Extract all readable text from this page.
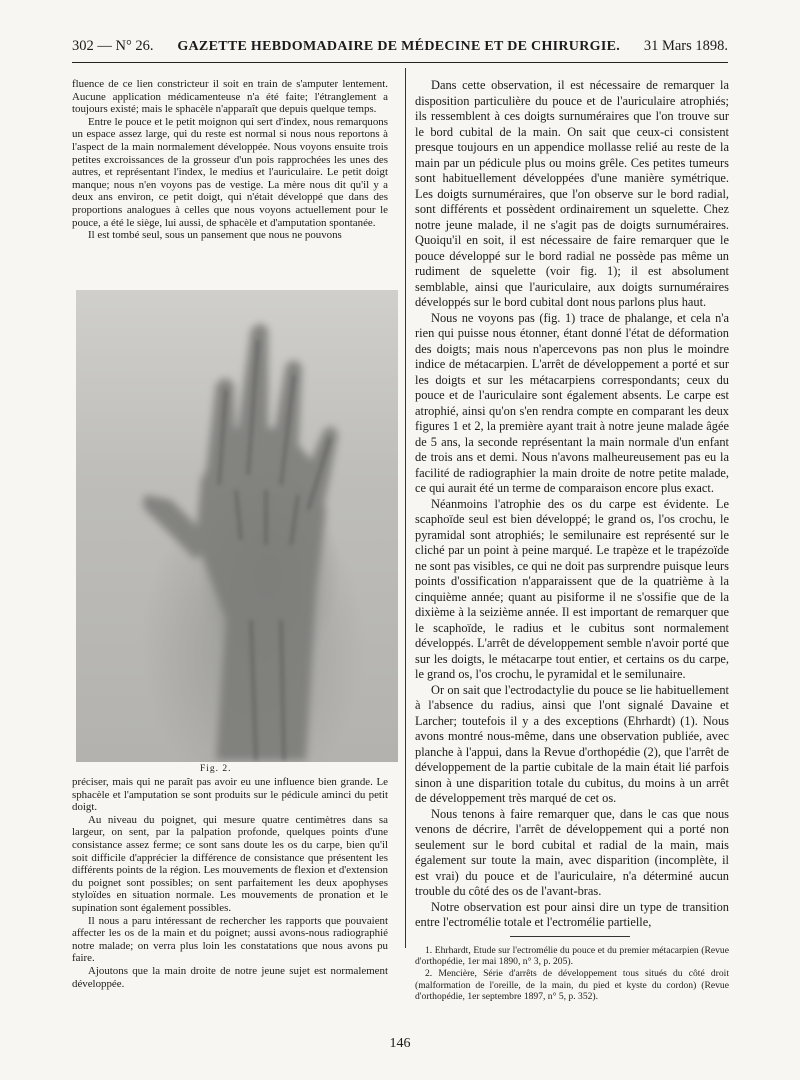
302 — N° 26. GAZETTE HEBDOMADAIRE DE MÉDECINE ET DE CHIRURGIE. 31 Mars 1898.

fluence de ce lien constricteur il soit en train de s'amputer lentement. Aucune application médicamenteuse n'a été faite; l'étranglement a toujours existé; mais le sphacèle n'apparaît que depuis quelque temps.

Entre le pouce et le petit moignon qui sert d'index, nous remarquons un espace assez large, qui du reste est normal si nous nous reportons à l'aspect de la main normalement développée. Nous voyons ensuite trois petites excroissances de la grosseur d'un pois rapprochées les unes des autres, et représentant l'index, le medius et l'auriculaire. Le petit doigt manque; nous n'en voyons pas de vestige. La mère nous dit qu'il y a deux ans environ, ce petit doigt, qui n'était développé que dans des proportions analogues à celles que nous voyons actuellement pour le pouce, a été le siège, lui aussi, de sphacèle et d'amputation spontanée.

Il est tombé seul, sous un pansement que nous ne pouvons

Fig. 2.

préciser, mais qui ne paraît pas avoir eu une influence bien grande. Le sphacèle et l'amputation se sont produits sur le pédicule aminci du petit doigt.

Au niveau du poignet, qui mesure quatre centimètres dans sa largeur, on sent, par la palpation profonde, quelques points d'une consistance assez ferme; ce sont sans doute les os du carpe, bien qu'il soit difficile d'apprécier la différence de consistance que présentent les différents points de la région. Les mouvements de flexion et d'extension du poignet sont possibles; on sent parfaitement les deux apophyses styloïdes en situation normale. Les mouvements de pronation et le supination sont également possibles.

Il nous a paru intéressant de rechercher les rapports que pouvaient affecter les os de la main et du poignet; aussi avons-nous radiographié notre malade; on verra plus loin les constatations que nous avons pu faire.

Ajoutons que la main droite de notre jeune sujet est normalement développée.

Dans cette observation, il est nécessaire de remarquer la disposition particulière du pouce et de l'auriculaire atrophiés; ils ressemblent à ces doigts surnuméraires que l'on trouve sur le bord cubital de la main. On sait que ceux-ci consistent presque toujours en un appendice mollasse relié au reste de la main par un pédicule plus ou moins grêle. Ces petites tumeurs sont habituellement développées d'une manière symétrique. Les doigts surnuméraires, que l'on observe sur le bord radial, sont différents et possèdent ordinairement un squelette. Chez notre jeune malade, il ne s'agit pas de doigts surnuméraires. Quoiqu'il en soit, il est nécessaire de faire remarquer que le pouce développé sur le bord radial ne possède pas même un rudiment de squelette (voir fig. 1); il est absolument semblable, ainsi que l'auriculaire, aux doigts surnuméraires développés sur le bord cubital dont nous parlons plus haut.

Nous ne voyons pas (fig. 1) trace de phalange, et cela n'a rien qui puisse nous étonner, étant donné l'état de déformation des doigts; mais nous n'apercevons pas non plus le moindre indice de métacarpien. L'arrêt de développement a porté et sur les doigts et sur les métacarpiens correspondants; ceux du pouce et de l'auriculaire sont également absents. Le carpe est atrophié, ainsi qu'on s'en rendra compte en comparant les deux figures 1 et 2, la première ayant trait à notre jeune malade âgée de 5 ans, la seconde représentant la main normale d'un enfant de trois ans et demi. Nous n'avons malheureusement pas eu la facilité de radiographier la main droite de notre petite malade, ce qui aurait été un terme de comparaison encore plus exact.

Néanmoins l'atrophie des os du carpe est évidente. Le scaphoïde seul est bien développé; le grand os, l'os crochu, le pyramidal sont atrophiés; le semilunaire est représenté sur le cliché par un point à peine marqué. Le trapèze et le trapézoïde ne sont pas visibles, ce qui ne doit pas surprendre puisque leurs points d'ossification n'apparaissent que de la quatrième à la cinquième année; quant au pisiforme il ne s'ossifie que de la dixième à la seizième année. Il est important de remarquer que le scaphoïde, le radius et le cubitus sont normalement développés. L'arrêt de développement semble n'avoir porté que sur les doigts, le métacarpe tout entier, et certains os du carpe, le grand os, l'os crochu, le pyramidal et le semilunaire.

Or on sait que l'ectrodactylie du pouce se lie habituellement à l'absence du radius, ainsi que l'ont signalé Davaine et Larcher; toutefois il y a des exceptions (Ehrhardt) (1). Nous avons montré nous-même, dans une observation publiée, avec planche à l'appui, dans la Revue d'orthopédie (2), que l'arrêt de développement de la partie cubitale de la main était lié parfois sinon à une disparition totale du cubitus, du moins à un arrêt de développement très marqué de cet os.

Nous tenons à faire remarquer que, dans le cas que nous venons de décrire, l'arrêt de développement qui a porté non seulement sur le bord cubital et radial de la main, mais également sur toute la main, avec disparition (incomplète, il est vrai) du pouce et de l'auriculaire, n'a déterminé aucun trouble du côté des os de l'avant-bras.

Notre observation est pour ainsi dire un type de transition entre l'ectromélie totale et l'ectromélie partielle,

1. Ehrhardt, Etude sur l'ectromélie du pouce et du premier métacarpien (Revue d'orthopédie, 1er mai 1890, n° 3, p. 205).

2. Mencière, Série d'arrêts de développement tous situés du côté droit (malformation de l'oreille, de la main, du pied et kyste du cordon) (Revue d'orthopédie, 1er septembre 1897, n° 5, p. 352).

146
